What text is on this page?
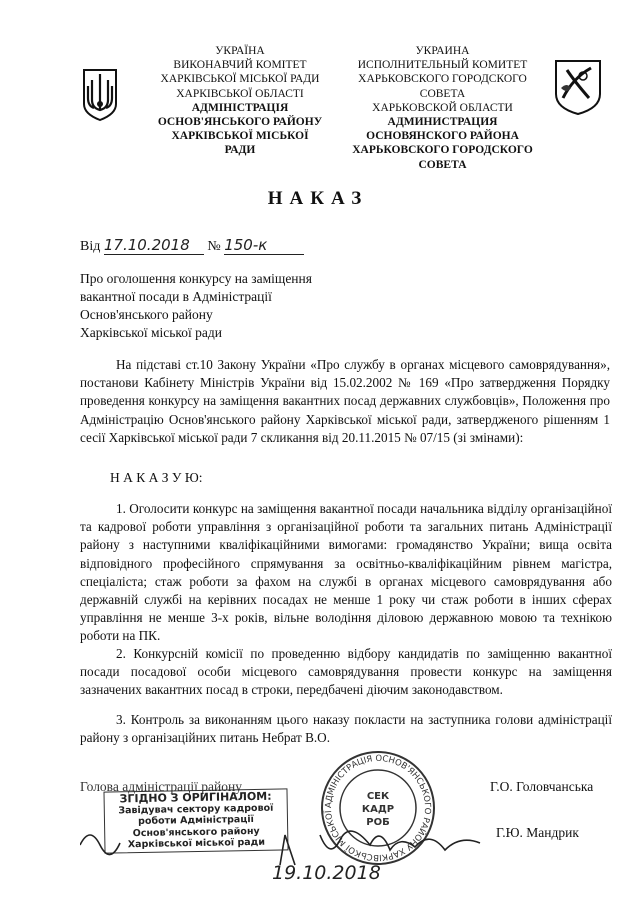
УКРАЇНА
ВИКОНАВЧИЙ КОМІТЕТ
ХАРКІВСЬКОЇ МІСЬКОЇ РАДИ
ХАРКІВСЬКОЇ ОБЛАСТІ
АДМІНІСТРАЦІЯ
ОСНОВ'ЯНСЬКОГО РАЙОНУ
ХАРКІВСЬКОЇ МІСЬКОЇ
РАДИ
УКРАИНА
ИСПОЛНИТЕЛЬНЫЙ КОМИТЕТ
ХАРЬКОВСКОГО ГОРОДСКОГО СОВЕТА
ХАРЬКОВСКОЙ ОБЛАСТИ
АДМИНИСТРАЦИЯ
ОСНОВЯНСКОГО РАЙОНА
ХАРЬКОВСКОГО ГОРОДСКОГО
СОВЕТА
НАКАЗ
Від 17.10.2018 № 150-к
Про оголошення конкурсу на заміщення
вакантної посади в Адміністрації
Основ'янського району
Харківської міської ради
На підставі ст.10 Закону України «Про службу в органах місцевого самоврядування», постанови Кабінету Міністрів України від 15.02.2002 № 169 «Про затвердження Порядку проведення конкурсу на заміщення вакантних посад державних службовців», Положення про Адміністрацію Основ'янського району Харківської міської ради, затвердженого рішенням 1 сесії Харківської міської ради 7 скликання від 20.11.2015 № 07/15 (зі змінами):
Н А К А З У Ю:
1. Оголосити конкурс на заміщення вакантної посади начальника відділу організаційної та кадрової роботи управління з організаційної роботи та загальних питань Адміністрації району з наступними кваліфікаційними вимогами: громадянство України; вища освіта відповідного професійного спрямування за освітньо-кваліфікаційним рівнем магістра, спеціаліста; стаж роботи за фахом на службі в органах місцевого самоврядування або державній службі на керівних посадах не менше 1 року чи стаж роботи в інших сферах управління не менше 3-х років, вільне володіння діловою державною мовою та технікою роботи на ПК.
2. Конкурсній комісії по проведенню відбору кандидатів по заміщенню вакантної посади посадової особи місцевого самоврядування провести конкурс на заміщення зазначених вакантних посад в строки, передбачені діючим законодавством.
3. Контроль за виконанням цього наказу покласти на заступника голови адміністрації району з організаційних питань Небрат В.О.
Голова адміністрації району	Г.О. Головчанська
Г.Ю. Мандрик
ЗГІДНО З ОРИГІНАЛОМ:
Завідувач сектору кадрової
роботи Адміністрації
Основ'янського району
Харківської міської ради
АДМІНІСТРАЦІЯ ОСНОВ'ЯНСЬКОГО РАЙОНУ ХАРКІВСЬКОЇ МІСЬКОЇ
СЕК
КАДР
РОБ
19.10.2018
